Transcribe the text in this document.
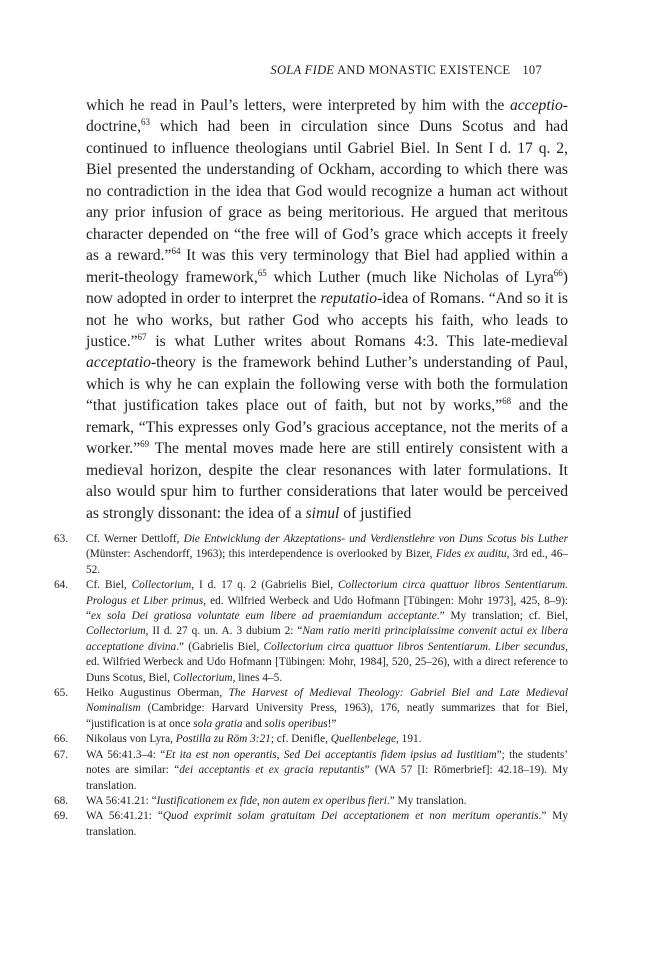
SOLA FIDE AND MONASTIC EXISTENCE 107

which he read in Paul’s letters, were interpreted by him with the acceptio-doctrine,$^{63}$ which had been in circulation since Duns Scotus and had continued to influence theologians until Gabriel Biel. In Sent I d. 17 q. 2, Biel presented the understanding of Ockham, according to which there was no contradiction in the idea that God would recognize a human act without any prior infusion of grace as being meritorious. He argued that meritous character depended on “the free will of God’s grace which accepts it freely as a reward.”$^{64}$ It was this very terminology that Biel had applied within a merit-theology framework,$^{65}$ which Luther (much like Nicholas of Lyra$^{66}$) now adopted in order to interpret the reputatio-idea of Romans. “And so it is not he who works, but rather God who accepts his faith, who leads to justice.”$^{67}$ is what Luther writes about Romans 4:3. This late-medieval acceptatio-theory is the framework behind Luther’s understanding of Paul, which is why he can explain the following verse with both the formulation “that justification takes place out of faith, but not by works,”$^{68}$ and the remark, “This expresses only God’s gracious acceptance, not the merits of a worker.”$^{69}$ The mental moves made here are still entirely consistent with a medieval horizon, despite the clear resonances with later formulations. It also would spur him to further considerations that later would be perceived as strongly dissonant: the idea of a simul of justified

63.	Cf. Werner Dettloff, Die Entwicklung der Akzeptations- und Verdienstlehre von Duns Scotus bis Luther (Münster: Aschendorff, 1963); this interdependence is overlooked by Bizer, Fides ex auditu, 3rd ed., 46–52.
64.	Cf. Biel, Collectorium, I d. 17 q. 2 (Gabrielis Biel, Collectorium circa quattuor libros Sententiarum. Prologus et Liber primus, ed. Wilfried Werbeck and Udo Hofmann [Tübingen: Mohr 1973], 425, 8–9): “ex sola Dei gratiosa voluntate eum libere ad praemiandum acceptante.” My translation; cf. Biel, Collectorium, II d. 27 q. un. A. 3 dubium 2: “Nam ratio meriti principlaissime convenit actui ex libera acceptatione divina.” (Gabrielis Biel, Collectorium circa quattuor libros Sententiarum. Liber secundus, ed. Wilfried Werbeck and Udo Hofmann [Tübingen: Mohr, 1984], 520, 25–26), with a direct reference to Duns Scotus, Biel, Collectorium, lines 4–5.
65.	Heiko Augustinus Oberman, The Harvest of Medieval Theology: Gabriel Biel and Late Medieval Nominalism (Cambridge: Harvard University Press, 1963), 176, neatly summarizes that for Biel, “justification is at once sola gratia and solis operibus!”
66.	Nikolaus von Lyra, Postilla zu Röm 3:21; cf. Denifle, Quellenbelege, 191.
67.	WA 56:41.3–4: “Et ita est non operantis, Sed Dei acceptantis fidem ipsius ad Iustitiam”; the students’ notes are similar: “dei acceptantis et ex gracia reputantis” (WA 57 [I: Römerbrief]: 42.18–19). My translation.
68.	WA 56:41.21: “Iustificationem ex fide, non autem ex operibus fieri.” My translation.
69.	WA 56:41.21: “Quod exprimit solam gratuitam Dei acceptationem et non meritum operantis.” My translation.
